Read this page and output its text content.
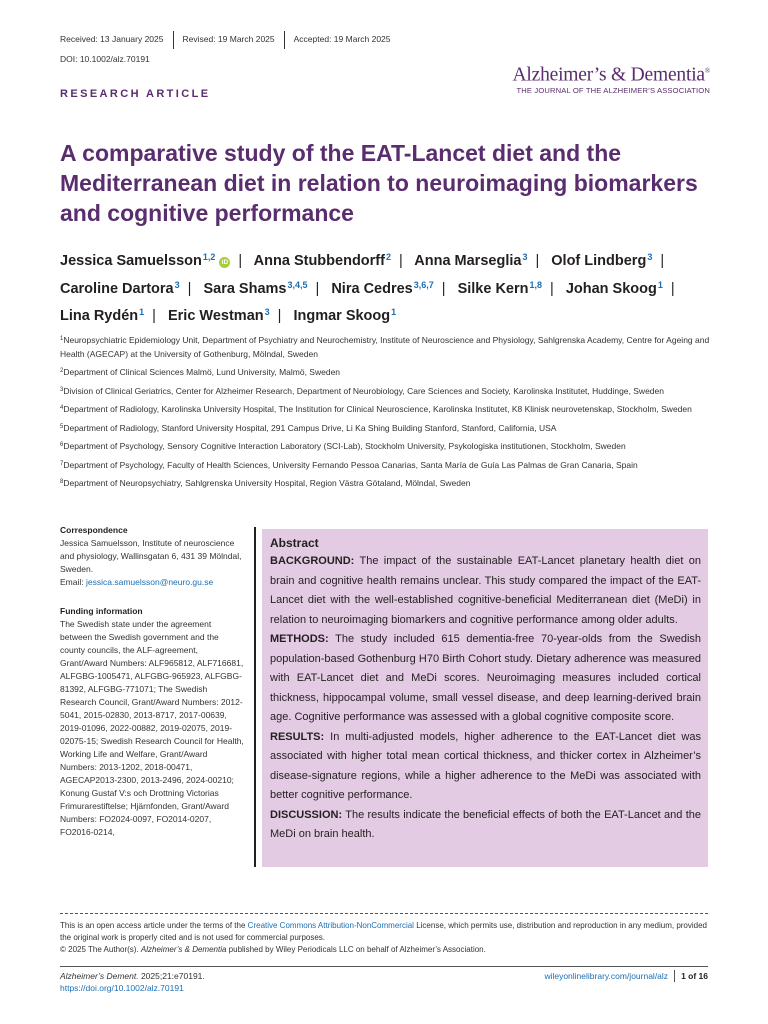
Received: 13 January 2025	Revised: 19 March 2025	Accepted: 19 March 2025
DOI: 10.1002/alz.70191
Alzheimer’s & Dementia®
THE JOURNAL OF THE ALZHEIMER’S ASSOCIATION
RESEARCH ARTICLE
A comparative study of the EAT-Lancet diet and the Mediterranean diet in relation to neuroimaging biomarkers and cognitive performance
Jessica Samuelsson$^{1,2}$iD | Anna Stubbendorff$^2$ | Anna Marseglia$^3$ | Olof Lindberg$^3$ | Caroline Dartora$^3$ | Sara Shams$^{3,4,5}$ | Nira Cedres$^{3,6,7}$ | Silke Kern$^{1,8}$ | Johan Skoog$^1$ | Lina Rydén$^1$ | Eric Westman$^3$ | Ingmar Skoog$^1$
$^1$Neuropsychiatric Epidemiology Unit, Department of Psychiatry and Neurochemistry, Institute of Neuroscience and Physiology, Sahlgrenska Academy, Centre for Ageing and Health (AGECAP) at the University of Gothenburg, Mölndal, Sweden
$^2$Department of Clinical Sciences Malmö, Lund University, Malmö, Sweden
$^3$Division of Clinical Geriatrics, Center for Alzheimer Research, Department of Neurobiology, Care Sciences and Society, Karolinska Institutet, Huddinge, Sweden
$^4$Department of Radiology, Karolinska University Hospital, The Institution for Clinical Neuroscience, Karolinska Institutet, K8 Klinisk neurovetenskap, Stockholm, Sweden
$^5$Department of Radiology, Stanford University Hospital, 291 Campus Drive, Li Ka Shing Building Stanford, Stanford, California, USA
$^6$Department of Psychology, Sensory Cognitive Interaction Laboratory (SCI-Lab), Stockholm University, Psykologiska institutionen, Stockholm, Sweden
$^7$Department of Psychology, Faculty of Health Sciences, University Fernando Pessoa Canarias, Santa María de Guía Las Palmas de Gran Canaria, Spain
$^8$Department of Neuropsychiatry, Sahlgrenska University Hospital, Region Västra Götaland, Mölndal, Sweden
Correspondence
Jessica Samuelsson, Institute of neuroscience and physiology, Wallinsgatan 6, 431 39 Mölndal, Sweden.
Email: jessica.samuelsson@neuro.gu.se
Funding information
The Swedish state under the agreement between the Swedish government and the county councils, the ALF-agreement, Grant/Award Numbers: ALF965812, ALF716681, ALFGBG-1005471, ALFGBG-965923, ALFGBG-81392, ALFGBG-771071; The Swedish Research Council, Grant/Award Numbers: 2012-5041, 2015-02830, 2013-8717, 2017-00639, 2019-01096, 2022-00882, 2019-02075, 2019-02075-15; Swedish Research Council for Health, Working Life and Welfare, Grant/Award Numbers: 2013-1202, 2018-00471, AGECAP2013-2300, 2013-2496, 2024-00210; Konung Gustaf V:s och Drottning Victorias Frimurarestiftelse; Hjärnfonden, Grant/Award Numbers: FO2024-0097, FO2014-0207, FO2016-0214,
Abstract

BACKGROUND: The impact of the sustainable EAT-Lancet planetary health diet on brain and cognitive health remains unclear. This study compared the impact of the EAT-Lancet diet with the well-established cognitive-beneficial Mediterranean diet (MeDi) in relation to neuroimaging biomarkers and cognitive performance among older adults.

METHODS: The study included 615 dementia-free 70-year-olds from the Swedish population-based Gothenburg H70 Birth Cohort study. Dietary adherence was measured with EAT-Lancet diet and MeDi scores. Neuroimaging measures included cortical thickness, hippocampal volume, small vessel disease, and deep learning-derived brain age. Cognitive performance was assessed with a global cognitive composite score.

RESULTS: In multi-adjusted models, higher adherence to the EAT-Lancet diet was associated with higher total mean cortical thickness, and thicker cortex in Alzheimer’s disease-signature regions, while a higher adherence to the MeDi was associated with better cognitive performance.

DISCUSSION: The results indicate the beneficial effects of both the EAT-Lancet and the MeDi on brain health.

This is an open access article under the terms of the Creative Commons Attribution-NonCommercial License, which permits use, distribution and reproduction in any medium, provided the original work is properly cited and is not used for commercial purposes.
© 2025 The Author(s). Alzheimer’s & Dementia published by Wiley Periodicals LLC on behalf of Alzheimer’s Association.
Alzheimer’s Dement. 2025;21:e70191.
https://doi.org/10.1002/alz.70191
wileyonlinelibrary.com/journal/alz 1 of 16
